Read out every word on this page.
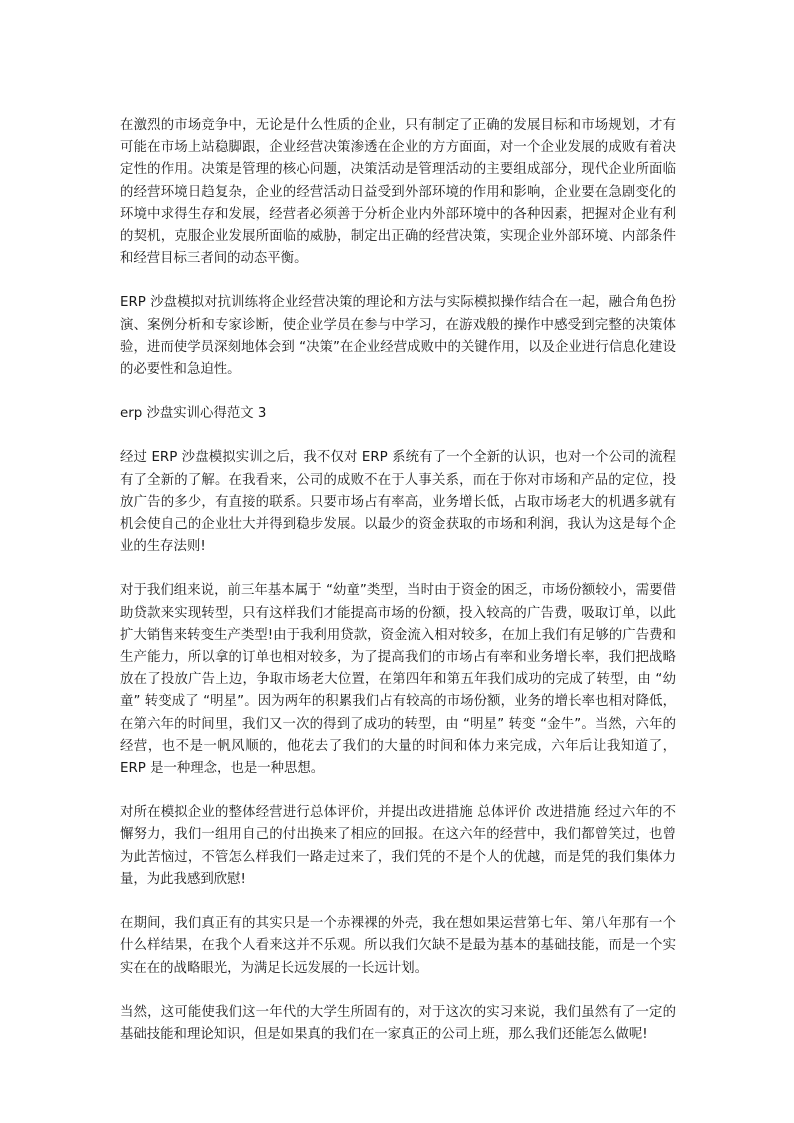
在激烈的市场竞争中，无论是什么性质的企业，只有制定了正确的发展目标和市场规划，才有可能在市场上站稳脚跟，企业经营决策渗透在企业的方方面面，对一个企业发展的成败有着决定性的作用。决策是管理的核心问题，决策活动是管理活动的主要组成部分，现代企业所面临的经营环境日趋复杂，企业的经营活动日益受到外部环境的作用和影响，企业要在急剧变化的环境中求得生存和发展，经营者必须善于分析企业内外部环境中的各种因素，把握对企业有利的契机，克服企业发展所面临的威胁，制定出正确的经营决策，实现企业外部环境、内部条件和经营目标三者间的动态平衡。

ERP 沙盘模拟对抗训练将企业经营决策的理论和方法与实际模拟操作结合在一起，融合角色扮演、案例分析和专家诊断，使企业学员在参与中学习，在游戏般的操作中感受到完整的决策体验，进而使学员深刻地体会到 “决策”在企业经营成败中的关键作用，以及企业进行信息化建设的必要性和急迫性。

erp 沙盘实训心得范文 3

经过 ERP 沙盘模拟实训之后，我不仅对 ERP 系统有了一个全新的认识，也对一个公司的流程有了全新的了解。在我看来，公司的成败不在于人事关系，而在于你对市场和产品的定位，投放广告的多少，有直接的联系。只要市场占有率高，业务增长低，占取市场老大的机遇多就有机会使自己的企业壮大并得到稳步发展。以最少的资金获取的市场和利润，我认为这是每个企业的生存法则!

对于我们组来说，前三年基本属于 “幼童”类型，当时由于资金的困乏，市场份额较小，需要借助贷款来实现转型，只有这样我们才能提高市场的份额，投入较高的广告费，吸取订单，以此扩大销售来转变生产类型!由于我利用贷款，资金流入相对较多，在加上我们有足够的广告费和生产能力，所以拿的订单也相对较多，为了提高我们的市场占有率和业务增长率，我们把战略放在了投放广告上边，争取市场老大位置，在第四年和第五年我们成功的完成了转型，由 “幼童” 转变成了 “明星”。因为两年的积累我们占有较高的市场份额，业务的增长率也相对降低，在第六年的时间里，我们又一次的得到了成功的转型，由 “明星” 转变 “金牛”。当然，六年的经营，也不是一帆风顺的，他花去了我们的大量的时间和体力来完成，六年后让我知道了，ERP 是一种理念，也是一种思想。

对所在模拟企业的整体经营进行总体评价，并提出改进措施 总体评价 改进措施 经过六年的不懈努力，我们一组用自己的付出换来了相应的回报。在这六年的经营中，我们都曾笑过，也曾为此苦恼过，不管怎么样我们一路走过来了，我们凭的不是个人的优越，而是凭的我们集体力量，为此我感到欣慰!

在期间，我们真正有的其实只是一个赤裸裸的外壳，我在想如果运营第七年、第八年那有一个什么样结果，在我个人看来这并不乐观。所以我们欠缺不是最为基本的基础技能，而是一个实实在在的战略眼光，为满足长远发展的一长远计划。

当然，这可能使我们这一年代的大学生所固有的，对于这次的实习来说，我们虽然有了一定的基础技能和理论知识，但是如果真的我们在一家真正的公司上班，那么我们还能怎么做呢!
